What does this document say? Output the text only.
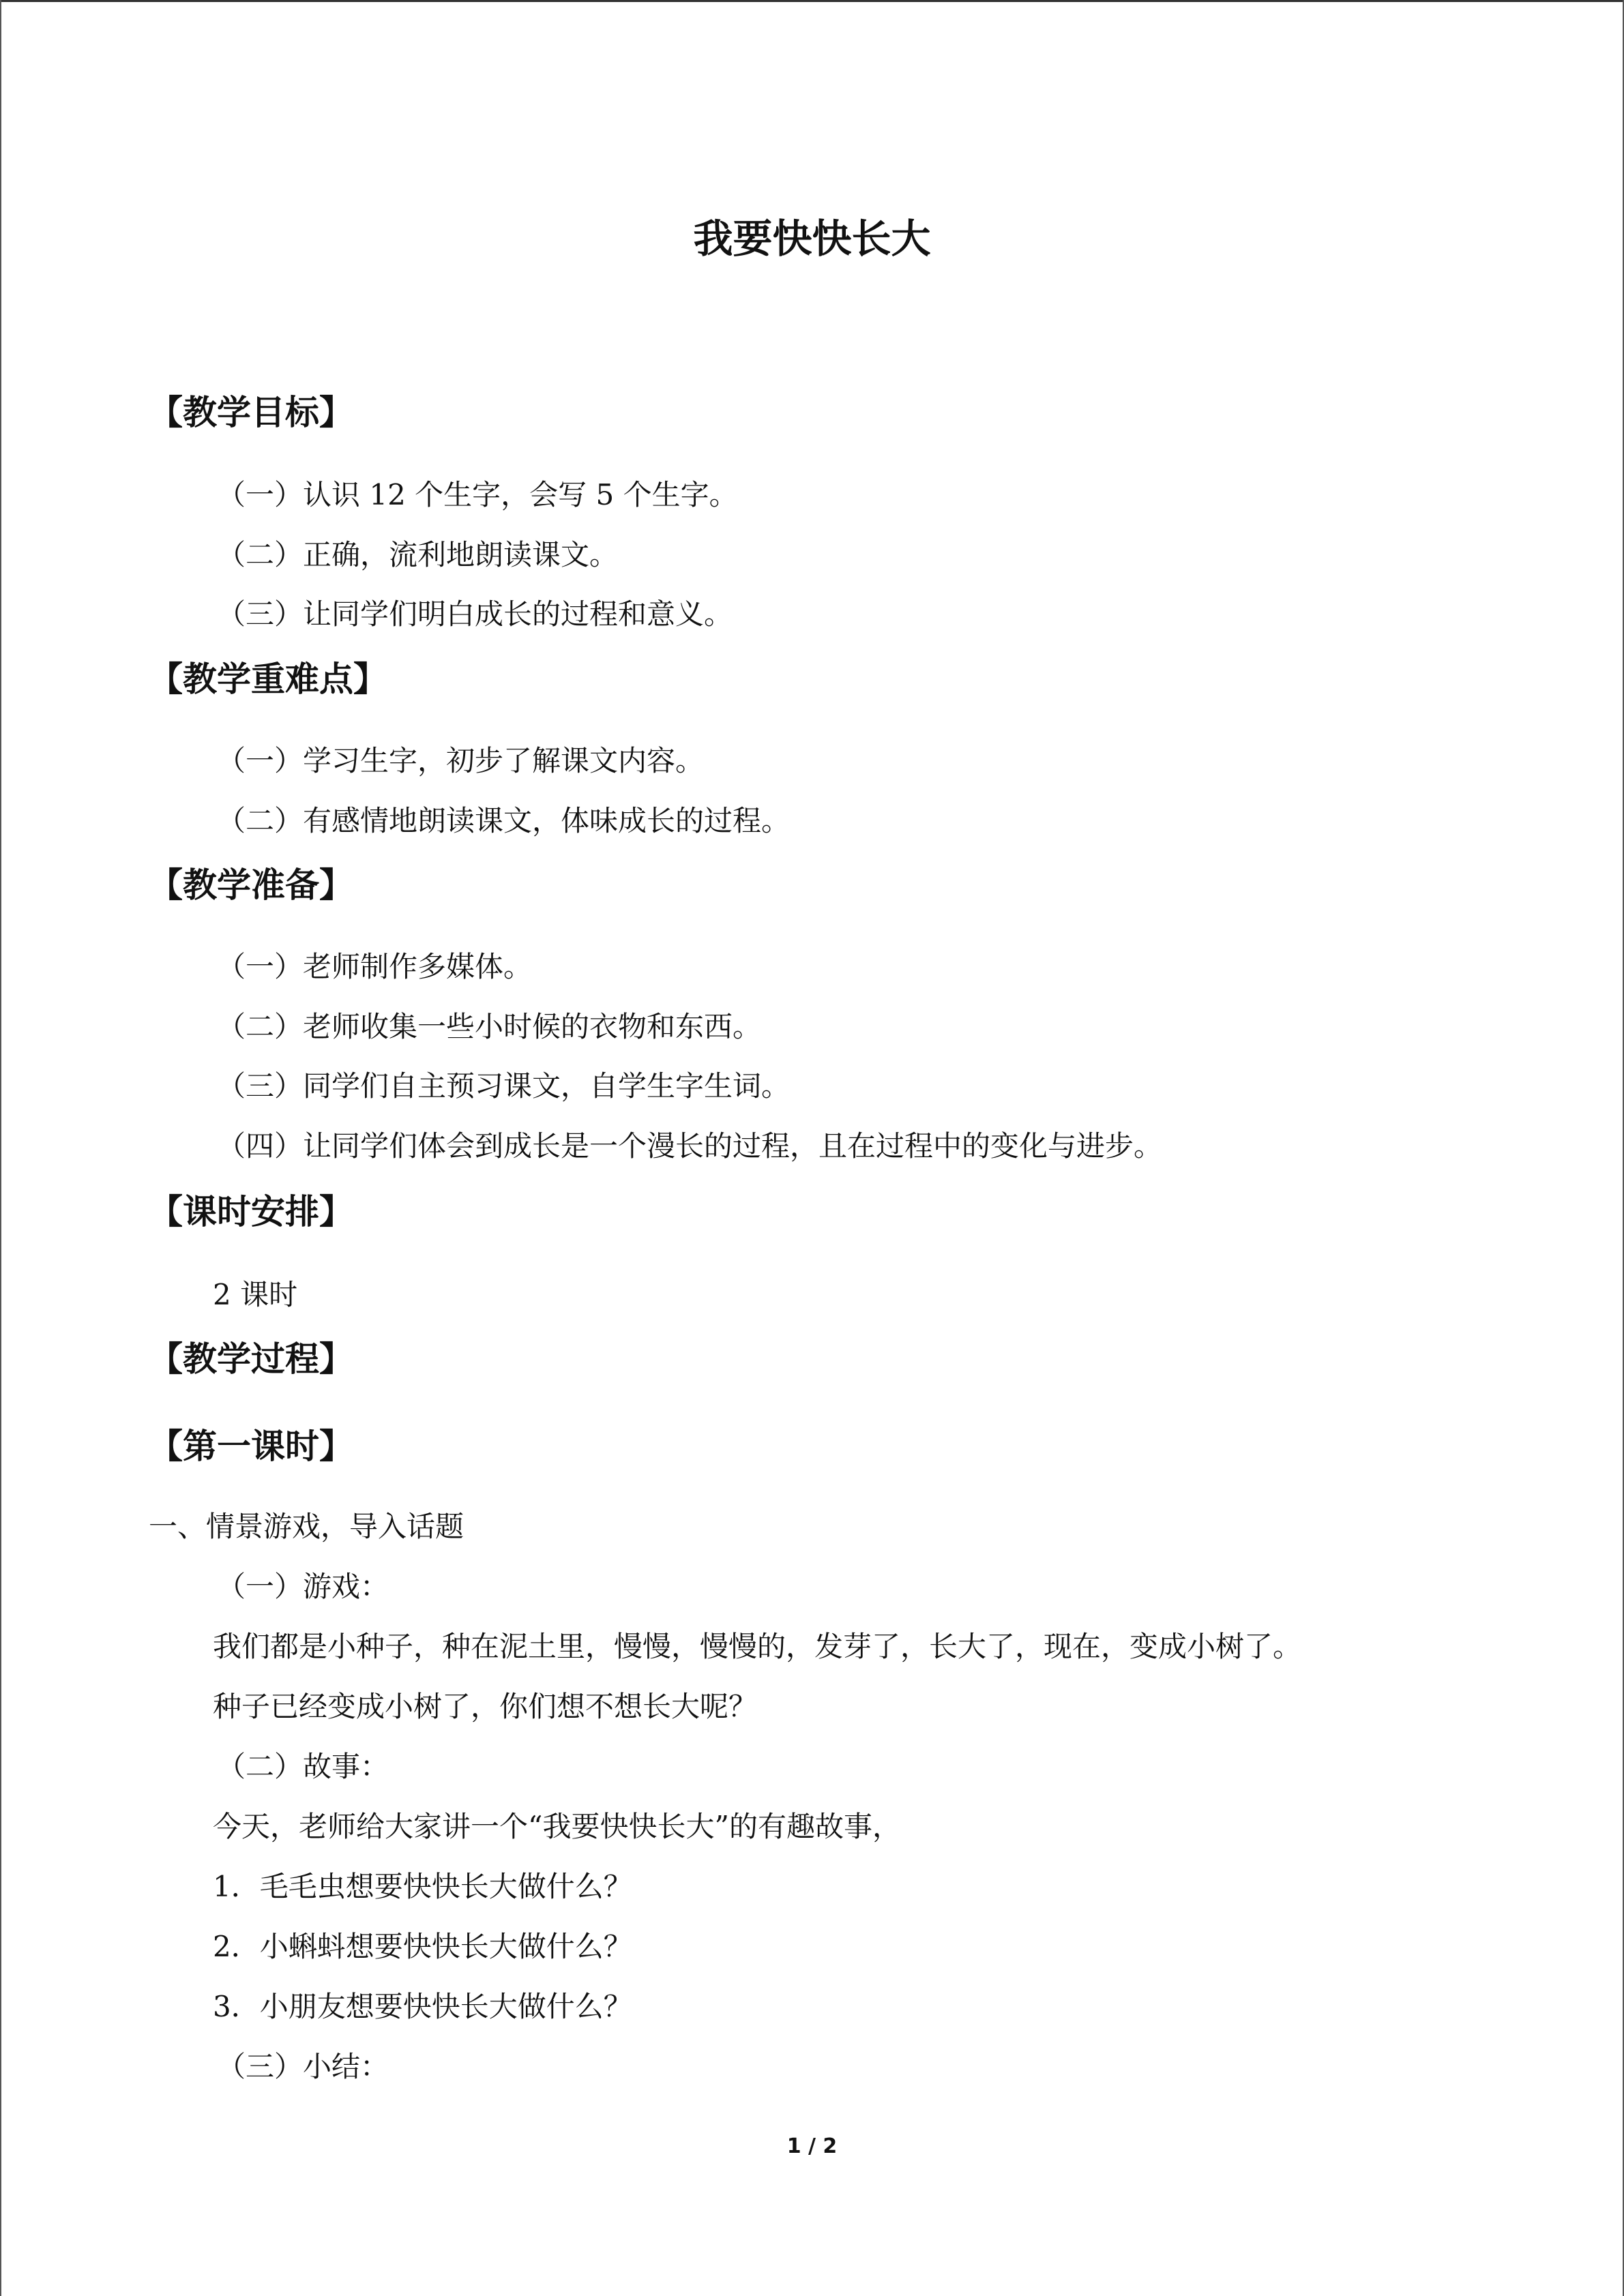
我要快快长大
【教学目标】

（一）认识 12 个生字，会写 5 个生字。

（二）正确，流利地朗读课文。

（三）让同学们明白成长的过程和意义。

【教学重难点】

（一）学习生字，初步了解课文内容。

（二）有感情地朗读课文，体味成长的过程。

【教学准备】

（一）老师制作多媒体。

（二）老师收集一些小时候的衣物和东西。

（三）同学们自主预习课文，自学生字生词。

（四）让同学们体会到成长是一个漫长的过程，且在过程中的变化与进步。

【课时安排】

2 课时

【教学过程】
【第一课时】

一、情景游戏，导入话题

（一）游戏：

我们都是小种子，种在泥土里，慢慢，慢慢的，发芽了，长大了，现在，变成小树了。

种子已经变成小树了，你们想不想长大呢？

（二）故事：

今天，老师给大家讲一个“我要快快长大”的有趣故事，

1．毛毛虫想要快快长大做什么？

2．小蝌蚪想要快快长大做什么？

3．小朋友想要快快长大做什么？

（三）小结：

1 / 2
